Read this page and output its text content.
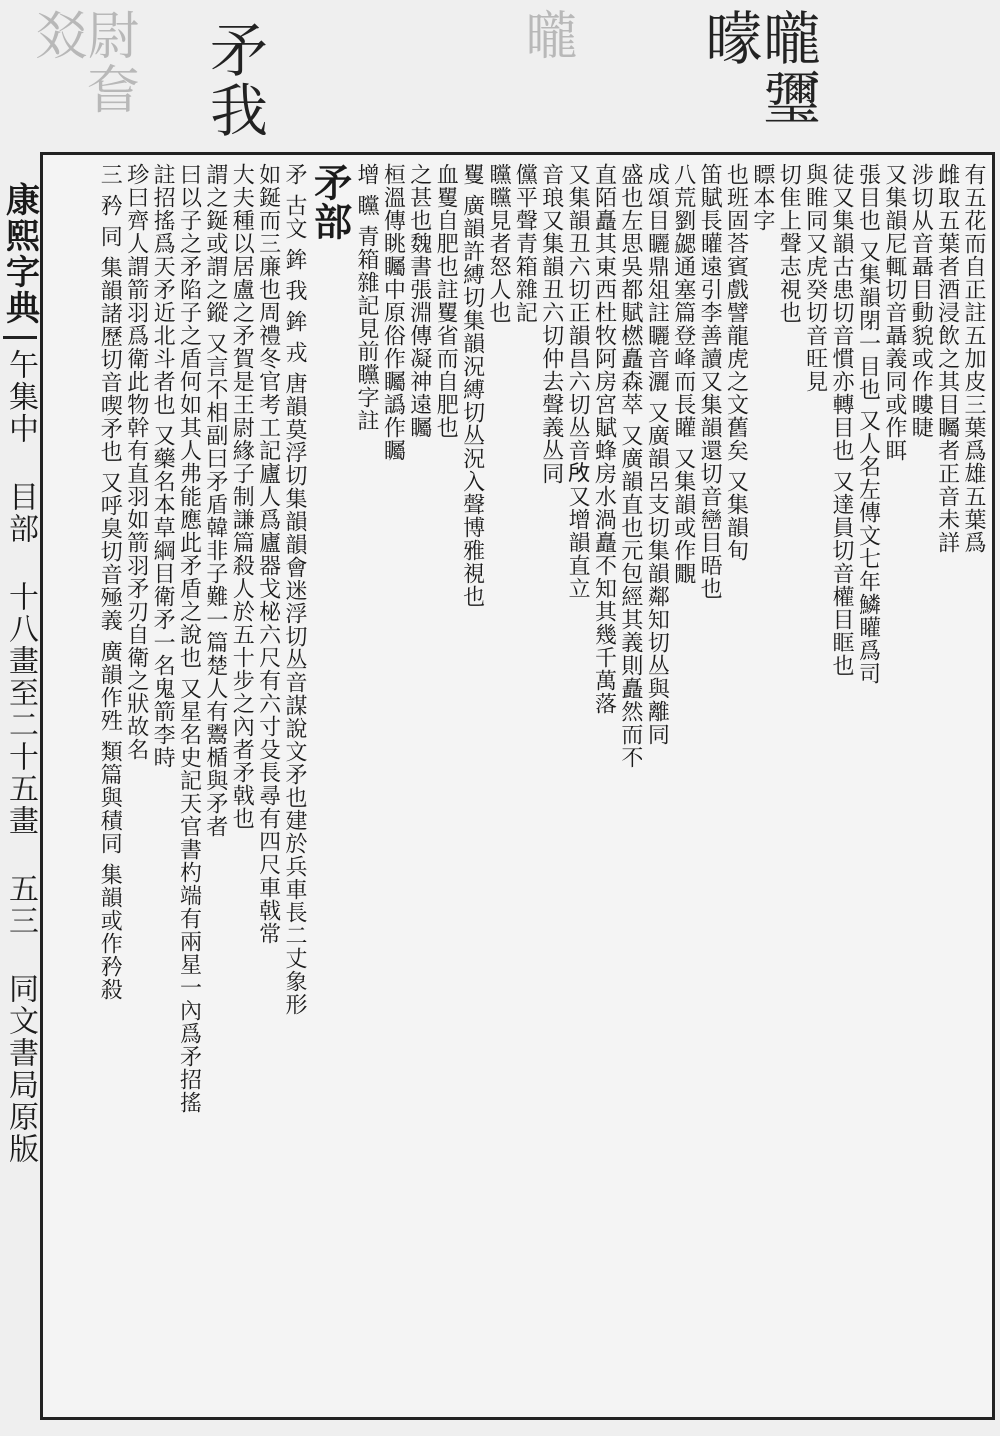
尉㚛㸚	矛我	曨	曨瓕曚
康熙字典
午集中
目部
十八畫至二十五畫
五三
同文書局原版

有五花而自正註五加皮三葉爲雄五葉爲

雌取五葉者酒浸飲之其目矚者正音未詳

涉切从音聶目動貌或作瞜睫

又集韻尼輒切音聶義同或作眲

張目也 又集韻閉一目也 又人名左傳文七年鱗矔爲司

徒又集韻古患切音慣亦轉目也 又達員切音權目眶也

與睢同又虎癸切音旺見

切隹上聲志視也

瞟本字

也班固荅賓戲譬龍虎之文舊矣 又集韻旬

笛賦長矔遠引李善讀又集韻還切音巒目晤也

八荒劉勰通塞篇登峰而長矔 又集韻或作覵

成頌目矖鼎俎註矖音灑 又廣韻呂支切集韻鄰知切丛與離同

盛也左思吳都賦橪矗森萃 又廣韻直也元包經其義則矗然而不

直陌矗其東西杜牧阿房宮賦蜂房水渦矗不知其幾千萬落

又集韻丑六切正韻昌六切丛音𢼄又增韻直立

音琅又集韻丑六切仲去聲義丛同

儻平聲青箱雜記

矘矘見者怒人也

矍 廣韻許縛切集韻況縛切丛況入聲博雅視也

血矍自肥也註矍省而自肥也

之甚也魏書張淵傳凝神遠矚

桓溫傳眺矚中原俗作矚譌作矚

增 矘 青箱雜記見前矘字註

矛部

矛 古文 鉾 我 鉾 戎 唐韻莫浮切集韻韻會迷浮切丛音謀說文矛也建於兵車長二丈象形

如鋋而三廉也周禮冬官考工記廬人爲廬器戈柲六尺有六寸殳長尋有四尺車戟常

大夫種以居盧之矛賀是王尉緣子制謙篇殺人於五十步之內者矛戟也

謂之鋋或謂之鏦 又言不相副曰矛盾韓非子難一篇楚人有鬻楯與矛者

曰以子之矛陷子之盾何如其人弗能應此矛盾之說也 又星名史記天官書杓端有兩星一內爲矛招搖

註招搖爲天矛近北斗者也 又藥名本草綱目衛矛一名鬼箭李時

珍曰齊人謂箭羽爲衛此物幹有直羽如箭羽矛刃自衛之狀故名

三 矜 同 集韻諸歷切音喫矛也 又呼臭切音殛義 廣韻作殅 類篇與積同 集韻或作矜殺
